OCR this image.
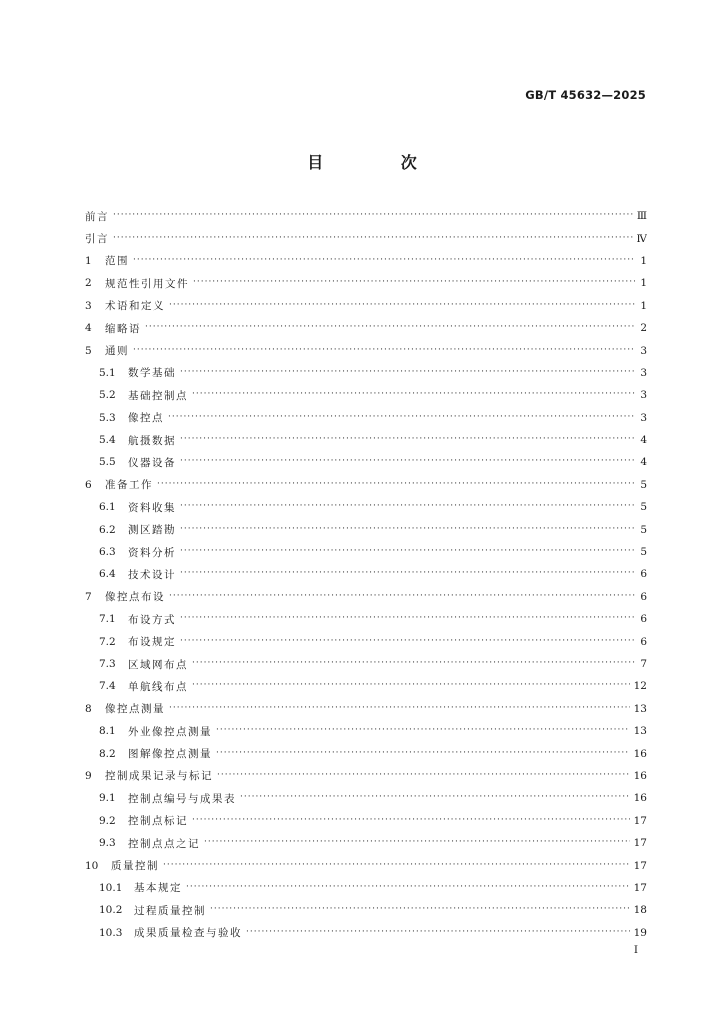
GB/T 45632—2025
目 次
前言 ·····	Ⅲ
引言 ·····	Ⅳ
1	范围 ·····	1
2	规范性引用文件 ·····	1
3	术语和定义 ·····	1
4	缩略语 ·····	2
5	通则 ·····	3
5.1	数学基础 ·····	3
5.2	基础控制点 ·····	3
5.3	像控点 ·····	3
5.4	航摄数据 ·····	4
5.5	仪器设备 ·····	4
6	准备工作 ·····	5
6.1	资料收集 ·····	5
6.2	测区踏勘 ·····	5
6.3	资料分析 ·····	5
6.4	技术设计 ·····	6
7	像控点布设 ·····	6
7.1	布设方式 ·····	6
7.2	布设规定 ·····	6
7.3	区域网布点 ·····	7
7.4	单航线布点 ·····	12
8	像控点测量 ·····	13
8.1	外业像控点测量 ·····	13
8.2	图解像控点测量 ·····	16
9	控制成果记录与标记 ·····	16
9.1	控制点编号与成果表 ·····	16
9.2	控制点标记 ·····	17
9.3	控制点点之记 ·····	17
10	质量控制 ·····	17
10.1	基本规定 ·····	17
10.2	过程质量控制 ·····	18
10.3	成果质量检查与验收 ·····	19
I
